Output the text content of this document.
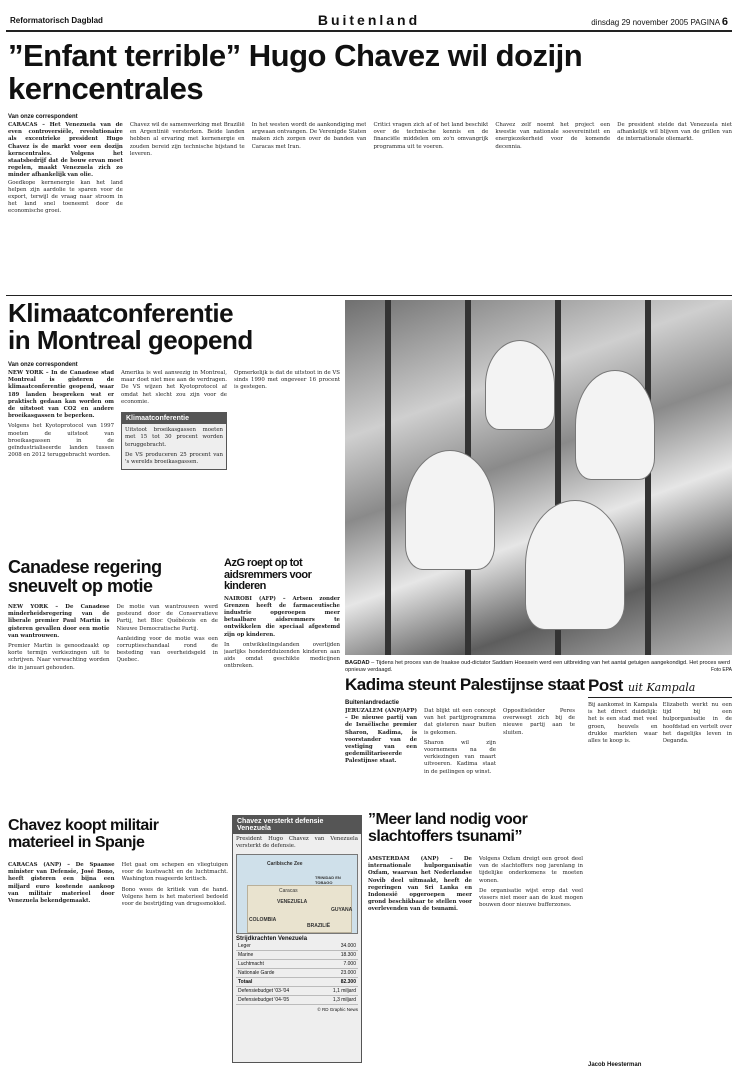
Reformatorisch Dagblad	Buitenland	dinsdag 29 november 2005 PAGINA 6
”Enfant terrible” Hugo Chavez wil dozijn kerncentrales
Van onze correspondent

CARACAS – Het Venezuela van de even controversiële, revolutionaire als excentrieke president Hugo Chavez is de markt voor een dozijn kerncentrales. Volgens het staatsbedrijf dat de bouw ervan moet regelen, maakt Venezuela zich zo minder afhankelijk van olie.

Goedkope kernenergie kan het land helpen zijn aardolie te sparen voor de export, terwijl de vraag naar stroom in het land snel toeneemt door de economische groei.

Chavez wil de samenwerking met Brazilië en Argentinië versterken. Beide landen hebben al ervaring met kernenergie en zouden bereid zijn technische bijstand te leveren.
In het westen wordt de aankondiging met argwaan ontvangen. De Verenigde Staten maken zich zorgen over de banden van Caracas met Iran.
Critici vragen zich af of het land beschikt over de technische kennis en de financiële middelen om zo'n omvangrijk programma uit te voeren.
Chavez zelf noemt het project een kwestie van nationale soevereiniteit en energiezekerheid voor de komende decennia.
De president stelde dat Venezuela niet afhankelijk wil blijven van de grillen van de internationale oliemarkt.
Klimaatconferentie
in Montreal geopend
Van onze correspondent

NEW YORK – In de Canadese stad Montreal is gisteren de klimaatconferentie geopend, waar 189 landen bespreken wat er praktisch gedaan kan worden om de uitstoot van CO2 en andere broeikasgassen te beperken.

Volgens het Kyotoprotocol van 1997 moeten de uitstoot van broeikasgassen in de geïndustrialiseerde landen tussen 2008 en 2012 teruggebracht worden.

Amerika is wel aanwezig in Montreal, maar doet niet mee aan de verdragen. De VS wijzen het Kyotoprotocol af omdat het slecht zou zijn voor de economie.

Klimaatconferentie

Uitstoot broeikasgassen moeten met 15 tot 30 procent worden teruggebracht.

De VS produceren 25 procent van 's werelds broeikasgassen.

Opmerkelijk is dat de uitstoot in de VS sinds 1990 met ongeveer 16 procent is gestegen.
BAGDAD – Tijdens het proces van de Iraakse oud-dictator Saddam Hoessein werd een uitbreiding van het aantal getuigen aangekondigd. Het proces werd opnieuw verdaagd.	Foto EPA
Canadese regering
sneuvelt op motie

NEW YORK – De Canadese minderheidsregering van de liberale premier Paul Martin is gisteren gevallen door een motie van wantrouwen.

Premier Martin is genoodzaakt op korte termijn verkiezingen uit te schrijven. Naar verwachting worden die in januari gehouden.

De motie van wantrouwen werd gesteund door de Conservatieve Partij, het Bloc Québécois en de Nieuwe Democratische Partij.

Aanleiding voor de motie was een corruptieschandaal rond de besteding van overheidsgeld in Quebec.

AzG roept op tot aidsremmers voor kinderen

NAIROBI (AFP) – Artsen zonder Grenzen heeft de farmaceutische industrie opgeroepen meer betaalbare aidsremmers te ontwikkelen die speciaal afgestemd zijn op kinderen.

In ontwikkelingslanden overlijden jaarlijks honderdduizenden kinderen aan aids omdat geschikte medicijnen ontbreken.

Kadima steunt Palestijnse staat
Buitenlandredactie

JERUZALEM (ANP/AFP) – De nieuwe partij van de Israëlische premier Sharon, Kadima, is voorstander van de vestiging van een gedemilitariseerde Palestijnse staat.

Dat blijkt uit een concept van het partijprogramma dat gisteren naar buiten is gekomen.

Sharon wil zijn voornemens na de verkiezingen van maart uitvoeren. Kadima staat in de peilingen op winst.

Oppositieleider Peres overweegt zich bij de nieuwe partij aan te sluiten.
Post uit Kampala
Bij aankomst in Kampala is het direct duidelijk: het is een stad met veel groen, heuvels en drukke markten waar alles te koop is.
Elizabeth werkt nu een tijd bij een hulporganisatie in de hoofdstad en vertelt over het dagelijks leven in Oeganda.
Jacob Heesterman
Chavez koopt militair
materieel in Spanje

CARACAS (ANP) – De Spaanse minister van Defensie, José Bono, heeft gisteren een bijna een miljard euro kostende aankoop van militair materieel door Venezuela bekendgemaakt.

Het gaat om schepen en vliegtuigen voor de kustwacht en de luchtmacht. Washington reageerde kritisch.

Bono wees de kritiek van de hand. Volgens hem is het materieel bedoeld voor de bestrijding van drugssmokkel.

Chavez versterkt defensie Venezuela
President Hugo Chavez van Venezuela versterkt de defensie.
Caribische Zee
VENEZUELA
COLOMBIA
BRAZILIË
Caracas
TRINIDAD EN TOBAGO
GUYANA
Strijdkrachten Venezuela
Leger	34.000
Marine	18.300
Luchtmacht	7.000
Nationale Garde	23.000
Totaal	82.300
Defensiebudget '03-'04	1,1 miljard
Defensiebudget '04-'05	1,3 miljard
© RD Graphic News
”Meer land nodig voor
slachtoffers tsunami”

AMSTERDAM (ANP) – De internationale hulporganisatie Oxfam, waarvan het Nederlandse Novib deel uitmaakt, heeft de regeringen van Sri Lanka en Indonesië opgeroepen meer grond beschikbaar te stellen voor overlevenden van de tsunami.

Volgens Oxfam dreigt een groot deel van de slachtoffers nog jarenlang in tijdelijke onderkomens te moeten wonen.

De organisatie wijst erop dat veel vissers niet meer aan de kust mogen bouwen door nieuwe bufferzones.
